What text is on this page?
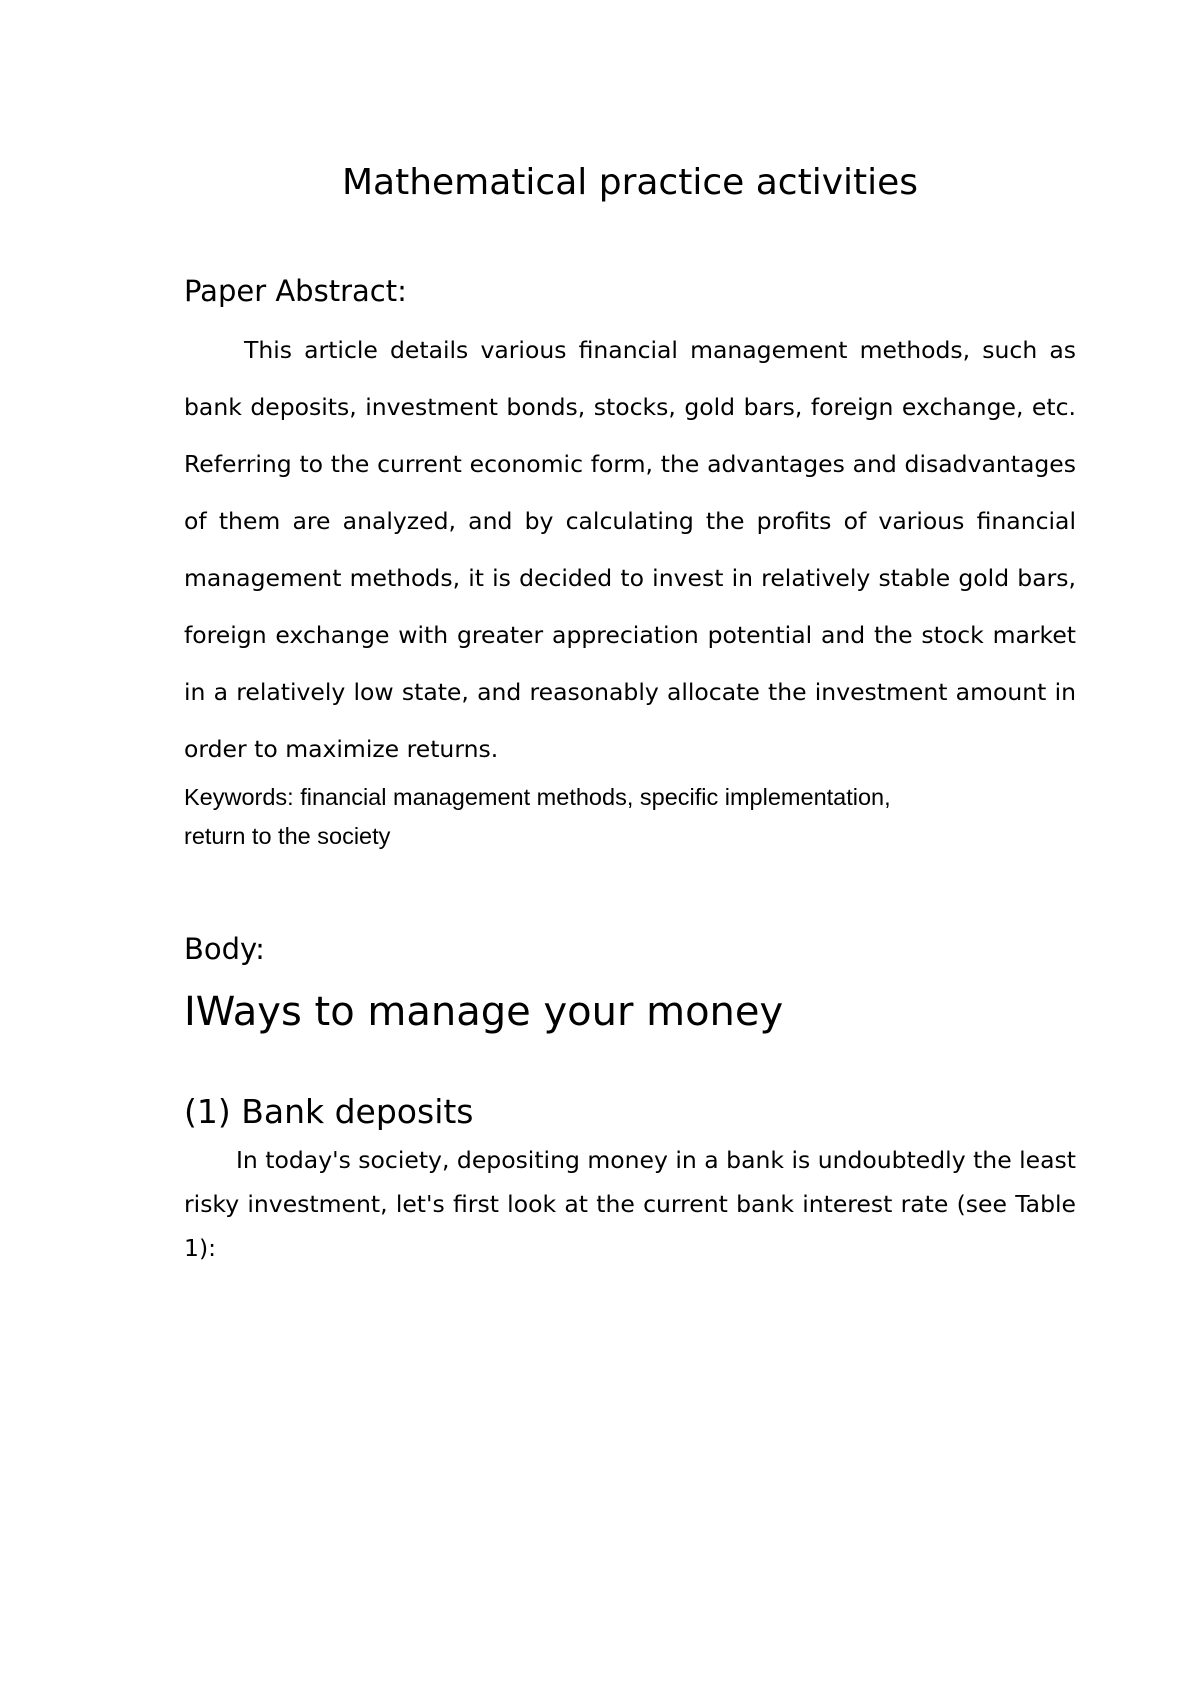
Mathematical practice activities

Paper Abstract:

This article details various financial management methods, such as bank deposits, investment bonds, stocks, gold bars, foreign exchange, etc. Referring to the current economic form, the advantages and disadvantages of them are analyzed, and by calculating the profits of various financial management methods, it is decided to invest in relatively stable gold bars, foreign exchange with greater appreciation potential and the stock market in a relatively low state, and reasonably allocate the investment amount in order to maximize returns.

Keywords: financial management methods, specific implementation,

return to the society

Body:

IWays to manage your money
(1) Bank deposits

In today's society, depositing money in a bank is undoubtedly the least risky investment, let's first look at the current bank interest rate (see Table 1):
